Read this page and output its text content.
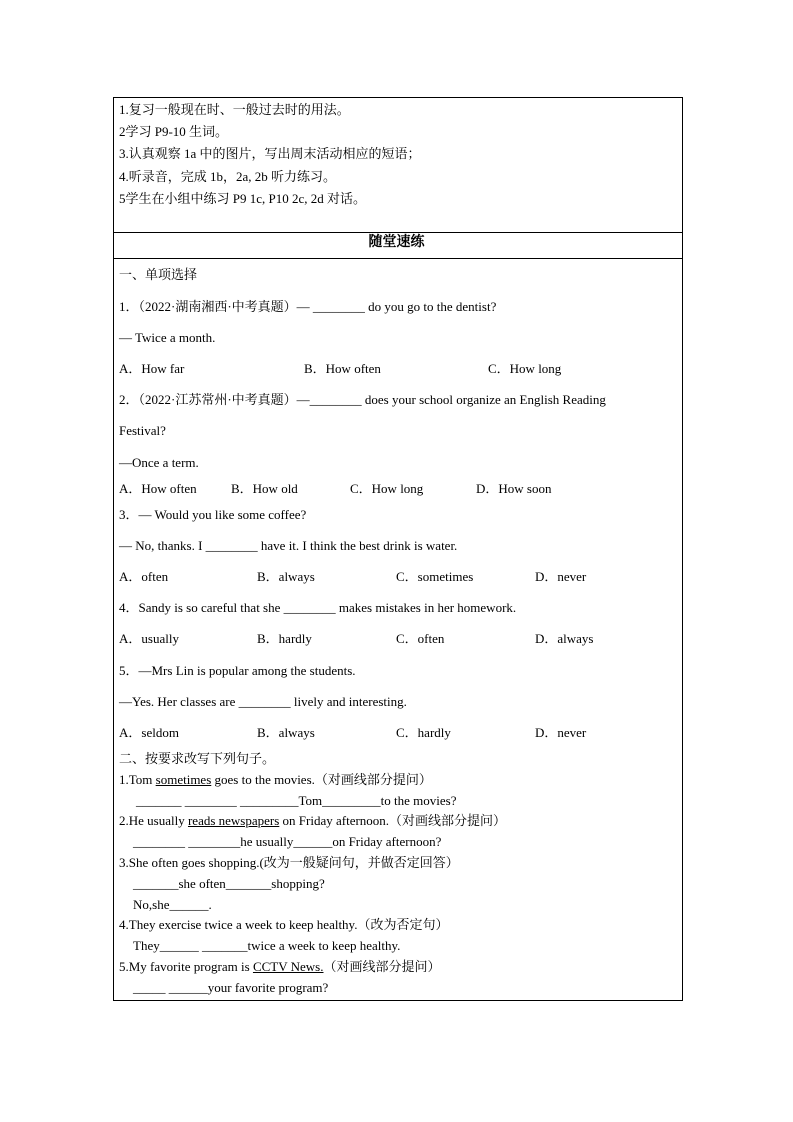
1.复习一般现在时、一般过去时的用法。
2学习 P9-10 生词。
3.认真观察 1a 中的图片，写出周末活动相应的短语；
4.听录音，完成 1b，2a, 2b 听力练习。
5学生在小组中练习 P9 1c, P10 2c, 2d 对话。
随堂速练
一、单项选择
1．（2022·湖南湘西·中考真题）— ________ do you go to the dentist?
— Twice a month.
A．How far	B．How often	C．How long
2．（2022·江苏常州·中考真题）—________ does your school organize an English Reading
Festival?
—Once a term.
A．How often	B．How old	C．How long	D．How soon
3．— Would you like some coffee?
— No, thanks. I ________ have it. I think the best drink is water.
A．often	B．always	C．sometimes	D．never
4．Sandy is so careful that she ________ makes mistakes in her homework.
A．usually	B．hardly	C．often	D．always
5．—Mrs Lin is popular among the students.
—Yes. Her classes are ________ lively and interesting.
A．seldom	B．always	C．hardly	D．never
二、按要求改写下列句子。
1.Tom sometimes goes to the movies.（对画线部分提问）
_______ ________ _________Tom_________to the movies?
2.He usually reads newspapers on Friday afternoon.（对画线部分提问）
________ ________he usually______on Friday afternoon?
3.She often goes shopping.(改为一般疑问句，并做否定回答）
_______she often_______shopping?
No,she______.
4.They exercise twice a week to keep healthy.（改为否定句）
They______ _______twice a week to keep healthy.
5.My favorite program is CCTV News.（对画线部分提问）
_____ ______your favorite program?
